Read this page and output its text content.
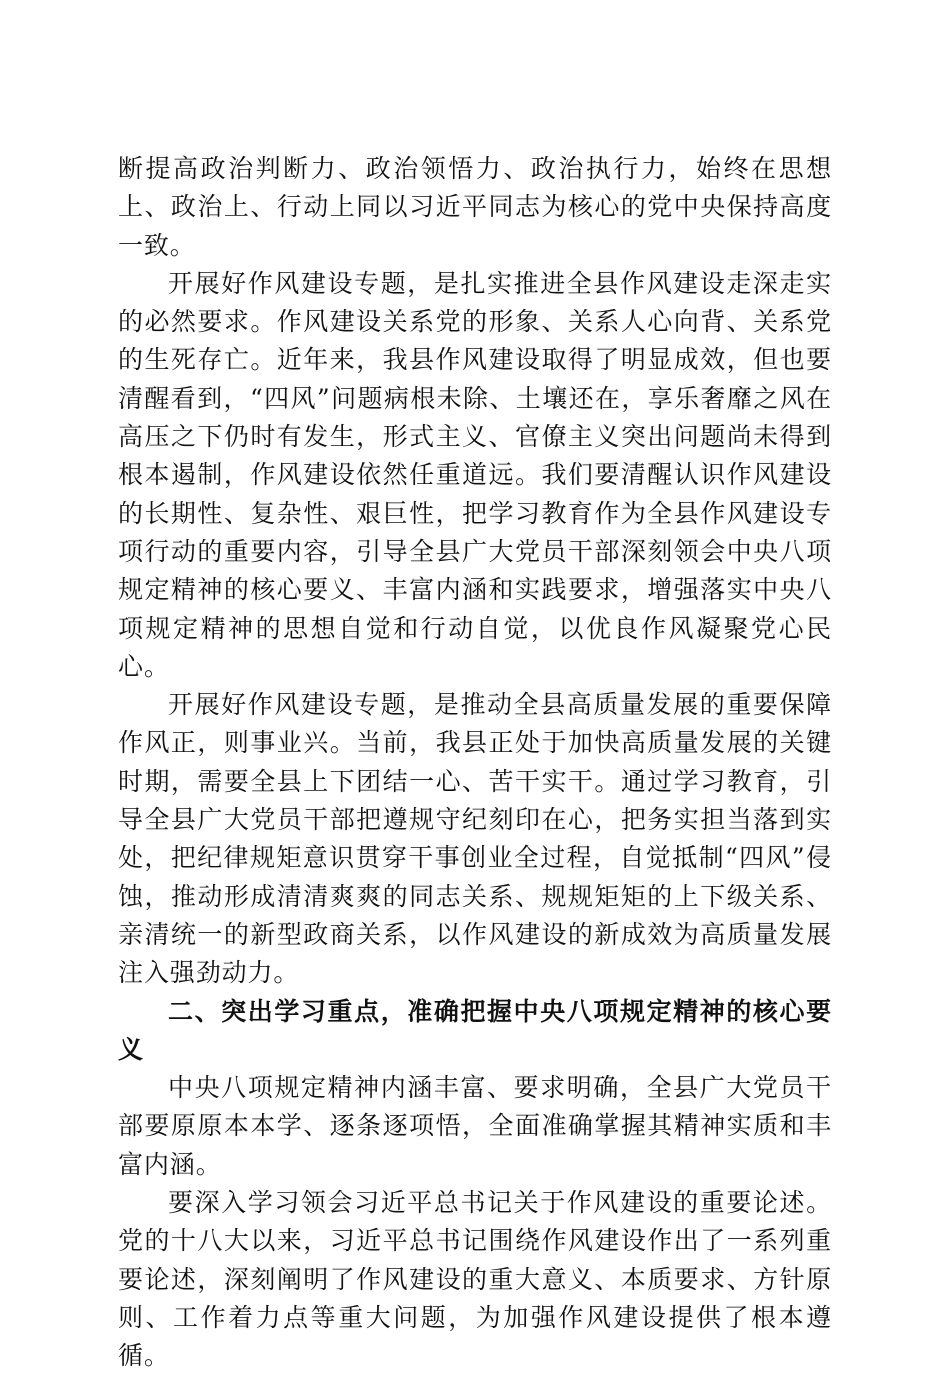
断提高政治判断力、政治领悟力、政治执行力，始终在思想上、政治上、行动上同以习近平同志为核心的党中央保持高度一致。

开展好作风建设专题，是扎实推进全县作风建设走深走实的必然要求。作风建设关系党的形象、关系人心向背、关系党的生死存亡。近年来，我县作风建设取得了明显成效，但也要清醒看到，“四风”问题病根未除、土壤还在，享乐奢靡之风在高压之下仍时有发生，形式主义、官僚主义突出问题尚未得到根本遏制，作风建设依然任重道远。我们要清醒认识作风建设的长期性、复杂性、艰巨性，把学习教育作为全县作风建设专项行动的重要内容，引导全县广大党员干部深刻领会中央八项规定精神的核心要义、丰富内涵和实践要求，增强落实中央八项规定精神的思想自觉和行动自觉，以优良作风凝聚党心民心。

开展好作风建设专题，是推动全县高质量发展的重要保障作风正，则事业兴。当前，我县正处于加快高质量发展的关键时期，需要全县上下团结一心、苦干实干。通过学习教育，引导全县广大党员干部把遵规守纪刻印在心，把务实担当落到实处，把纪律规矩意识贯穿干事创业全过程，自觉抵制“四风”侵蚀，推动形成清清爽爽的同志关系、规规矩矩的上下级关系、亲清统一的新型政商关系，以作风建设的新成效为高质量发展注入强劲动力。

二、突出学习重点，准确把握中央八项规定精神的核心要义

中央八项规定精神内涵丰富、要求明确，全县广大党员干部要原原本本学、逐条逐项悟，全面准确掌握其精神实质和丰富内涵。

要深入学习领会习近平总书记关于作风建设的重要论述。党的十八大以来，习近平总书记围绕作风建设作出了一系列重要论述，深刻阐明了作风建设的重大意义、本质要求、方针原则、工作着力点等重大问题，为加强作风建设提供了根本遵循。
